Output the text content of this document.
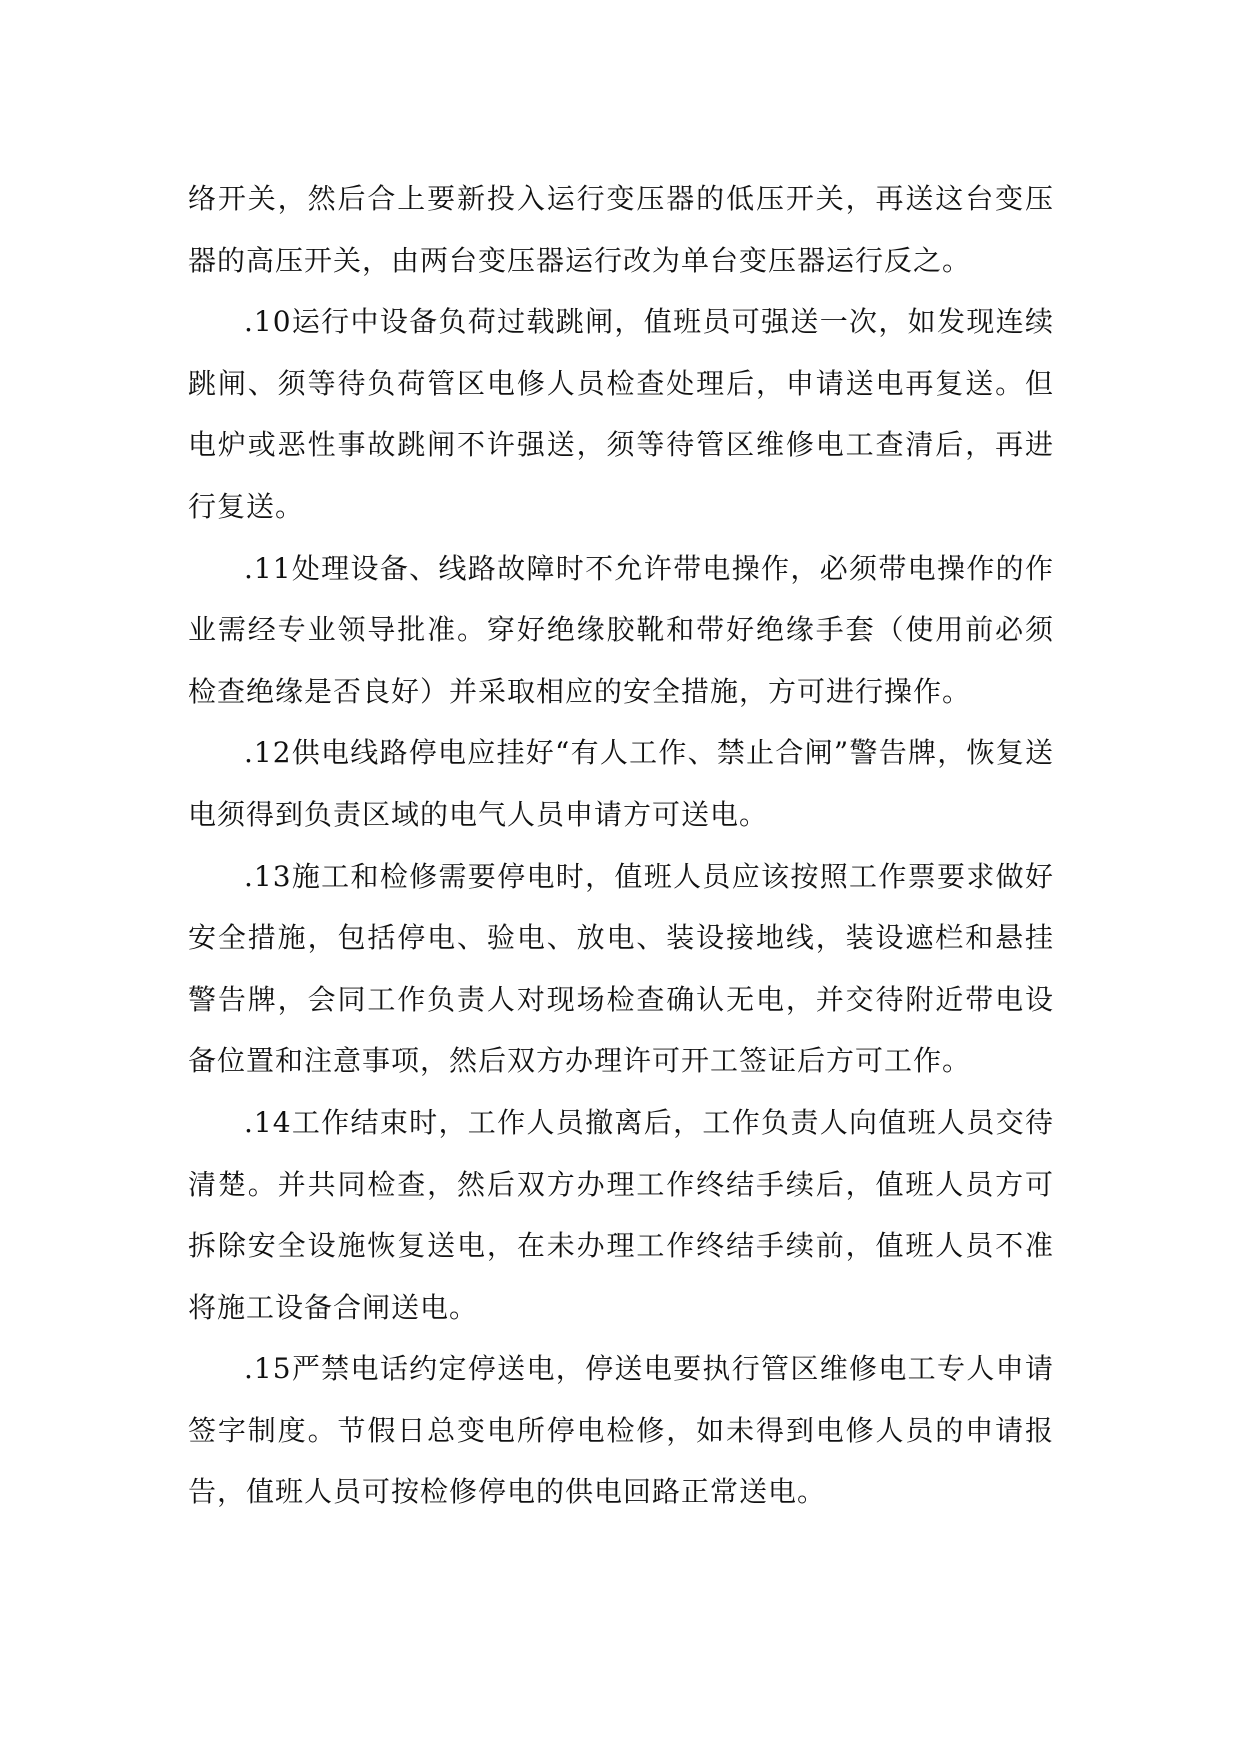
络开关，然后合上要新投入运行变压器的低压开关，再送这台变压器的高压开关，由两台变压器运行改为单台变压器运行反之。

.10运行中设备负荷过载跳闸，值班员可强送一次，如发现连续跳闸、须等待负荷管区电修人员检查处理后，申请送电再复送。但电炉或恶性事故跳闸不许强送，须等待管区维修电工查清后，再进行复送。

.11处理设备、线路故障时不允许带电操作，必须带电操作的作业需经专业领导批准。穿好绝缘胶靴和带好绝缘手套（使用前必须检查绝缘是否良好）并采取相应的安全措施，方可进行操作。

.12供电线路停电应挂好“有人工作、禁止合闸”警告牌，恢复送电须得到负责区域的电气人员申请方可送电。

.13施工和检修需要停电时，值班人员应该按照工作票要求做好安全措施，包括停电、验电、放电、装设接地线，装设遮栏和悬挂警告牌，会同工作负责人对现场检查确认无电，并交待附近带电设备位置和注意事项，然后双方办理许可开工签证后方可工作。

.14工作结束时，工作人员撤离后，工作负责人向值班人员交待清楚。并共同检查，然后双方办理工作终结手续后，值班人员方可拆除安全设施恢复送电，在未办理工作终结手续前，值班人员不准将施工设备合闸送电。

.15严禁电话约定停送电，停送电要执行管区维修电工专人申请签字制度。节假日总变电所停电检修，如未得到电修人员的申请报告，值班人员可按检修停电的供电回路正常送电。
